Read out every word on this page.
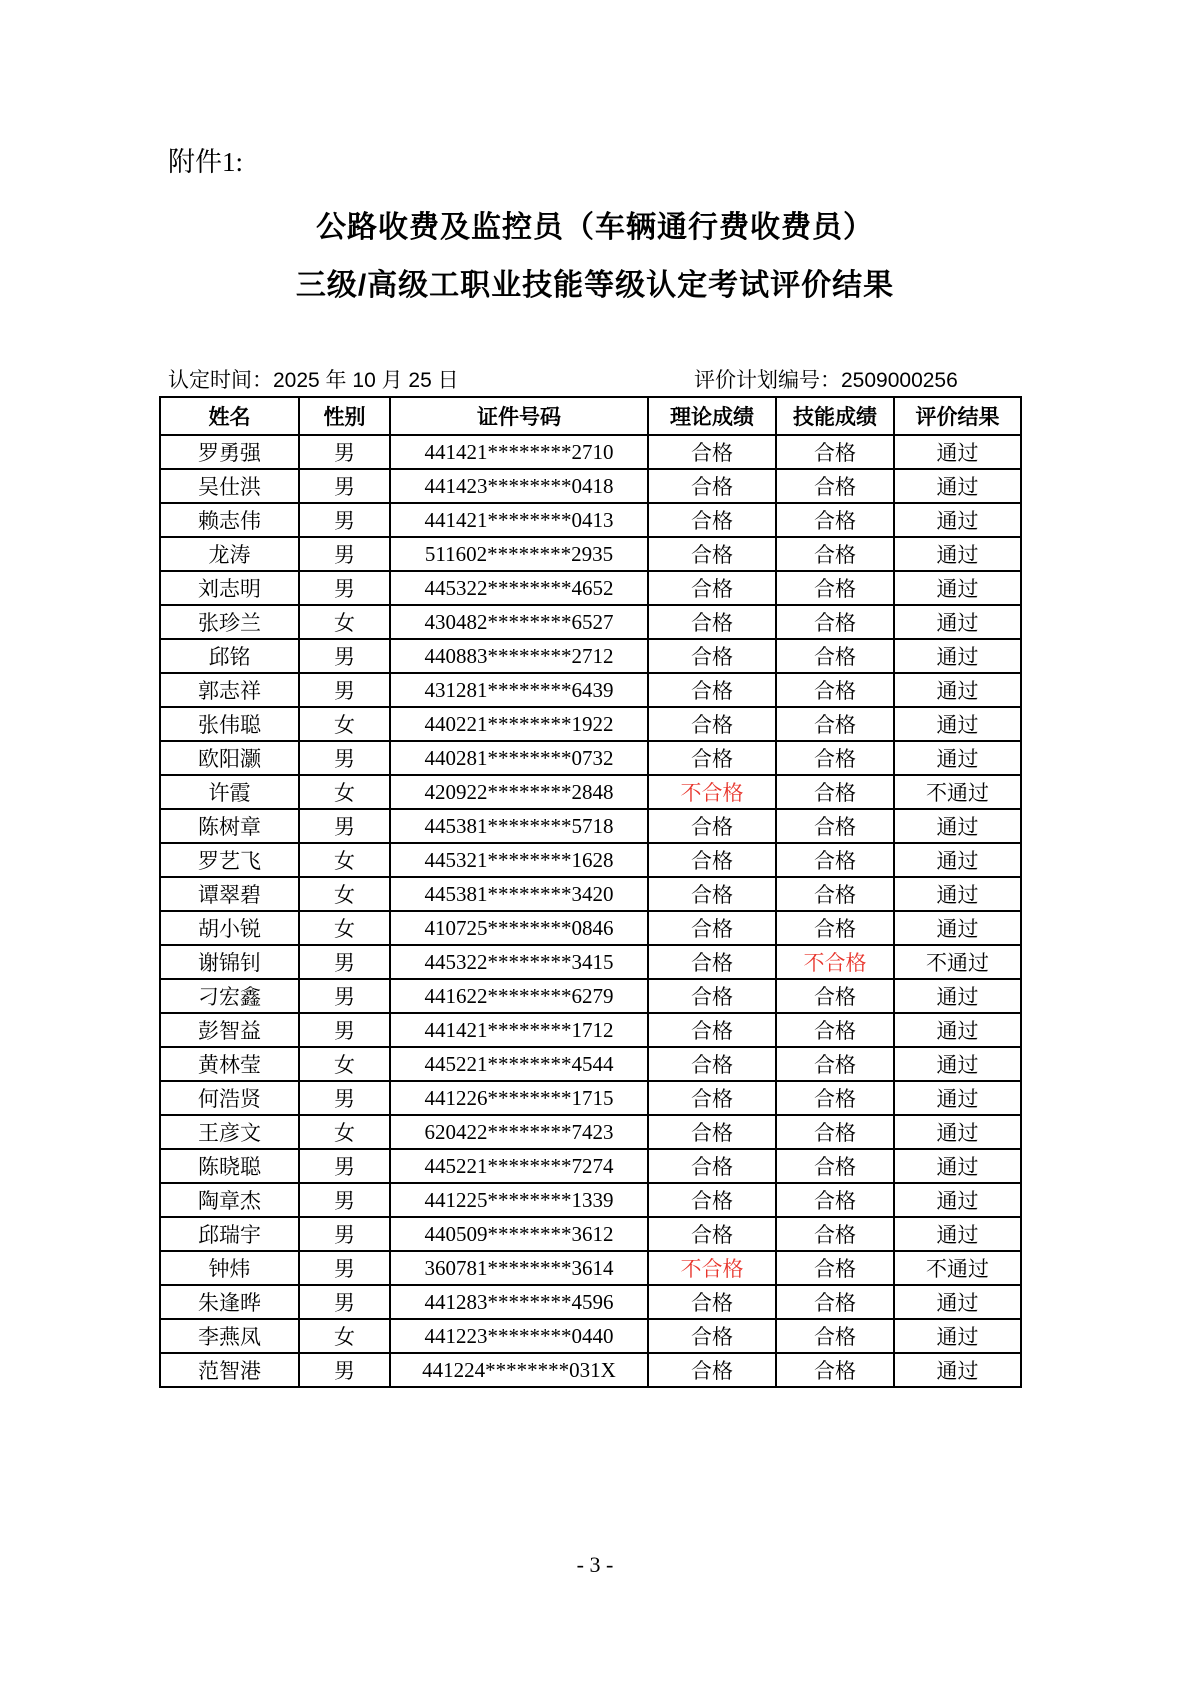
附件1:
公路收费及监控员（车辆通行费收费员）
三级/高级工职业技能等级认定考试评价结果
认定时间：2025 年 10 月 25 日	评价计划编号：2509000256
姓名	性别	证件号码	理论成绩	技能成绩	评价结果
罗勇强	男	441421********2710	合格	合格	通过
吴仕洪	男	441423********0418	合格	合格	通过
赖志伟	男	441421********0413	合格	合格	通过
龙涛	男	511602********2935	合格	合格	通过
刘志明	男	445322********4652	合格	合格	通过
张珍兰	女	430482********6527	合格	合格	通过
邱铭	男	440883********2712	合格	合格	通过
郭志祥	男	431281********6439	合格	合格	通过
张伟聪	女	440221********1922	合格	合格	通过
欧阳灏	男	440281********0732	合格	合格	通过
许霞	女	420922********2848	不合格	合格	不通过
陈树章	男	445381********5718	合格	合格	通过
罗艺飞	女	445321********1628	合格	合格	通过
谭翠碧	女	445381********3420	合格	合格	通过
胡小锐	女	410725********0846	合格	合格	通过
谢锦钊	男	445322********3415	合格	不合格	不通过
刁宏鑫	男	441622********6279	合格	合格	通过
彭智益	男	441421********1712	合格	合格	通过
黄林莹	女	445221********4544	合格	合格	通过
何浩贤	男	441226********1715	合格	合格	通过
王彦文	女	620422********7423	合格	合格	通过
陈晓聪	男	445221********7274	合格	合格	通过
陶章杰	男	441225********1339	合格	合格	通过
邱瑞宇	男	440509********3612	合格	合格	通过
钟炜	男	360781********3614	不合格	合格	不通过
朱逢晔	男	441283********4596	合格	合格	通过
李燕凤	女	441223********0440	合格	合格	通过
范智港	男	441224********031X	合格	合格	通过
- 3 -
